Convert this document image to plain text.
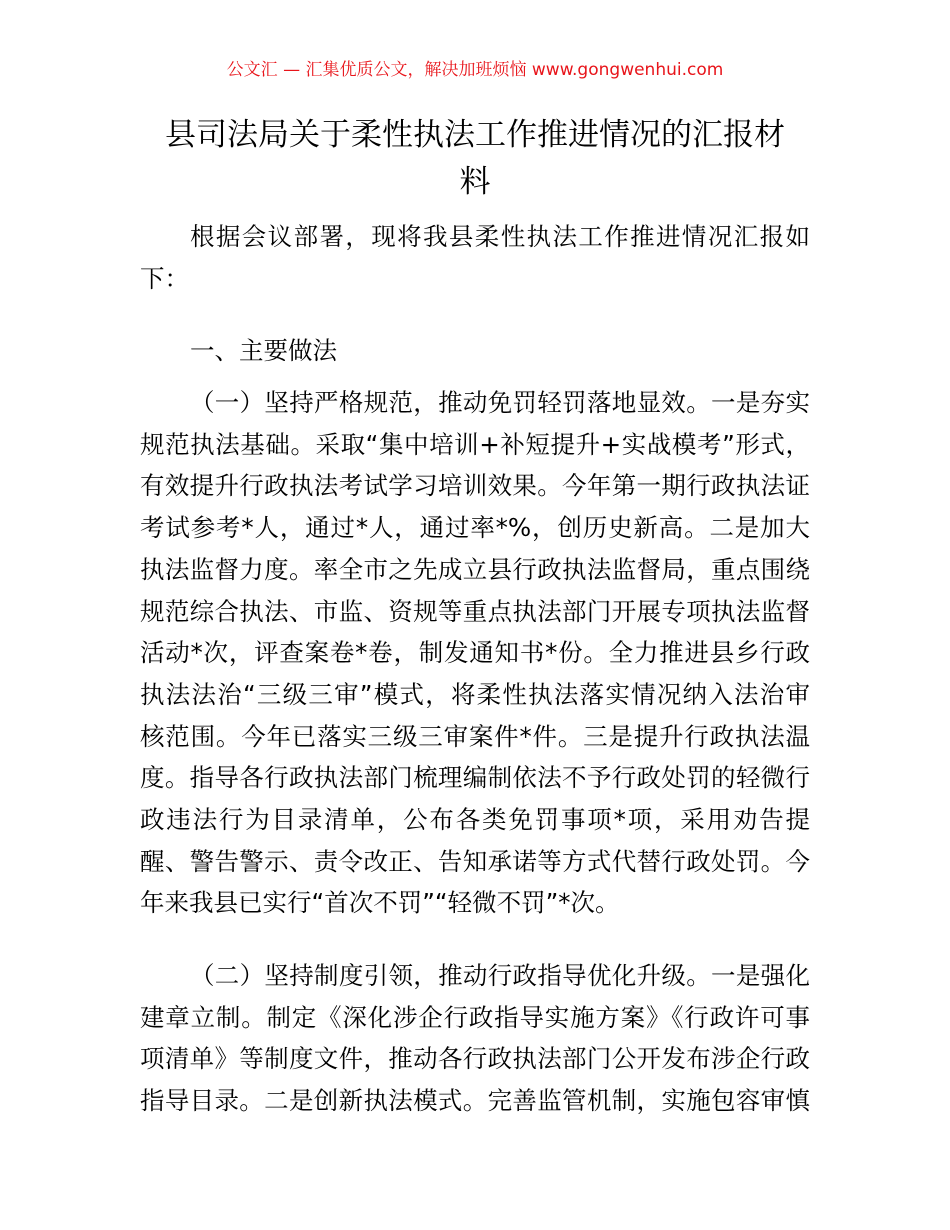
公文汇 — 汇集优质公文，解决加班烦恼 www.gongwenhui.com
县司法局关于柔性执法工作推进情况的汇报材
料
根据会议部署，现将我县柔性执法工作推进情况汇报如
下：
一、主要做法
（一）坚持严格规范，推动免罚轻罚落地显效。一是夯实
规范执法基础。采取“集中培训+补短提升+实战模考”形式，
有效提升行政执法考试学习培训效果。今年第一期行政执法证
考试参考*人，通过*人，通过率*%，创历史新高。二是加大
执法监督力度。率全市之先成立县行政执法监督局，重点围绕
规范综合执法、市监、资规等重点执法部门开展专项执法监督
活动*次，评查案卷*卷，制发通知书*份。全力推进县乡行政
执法法治“三级三审”模式，将柔性执法落实情况纳入法治审
核范围。今年已落实三级三审案件*件。三是提升行政执法温
度。指导各行政执法部门梳理编制依法不予行政处罚的轻微行
政违法行为目录清单，公布各类免罚事项*项，采用劝告提
醒、警告警示、责令改正、告知承诺等方式代替行政处罚。今
年来我县已实行“首次不罚”“轻微不罚”*次。
（二）坚持制度引领，推动行政指导优化升级。一是强化
建章立制。制定《深化涉企行政指导实施方案》《行政许可事
项清单》等制度文件，推动各行政执法部门公开发布涉企行政
指导目录。二是创新执法模式。完善监管机制，实施包容审慎
